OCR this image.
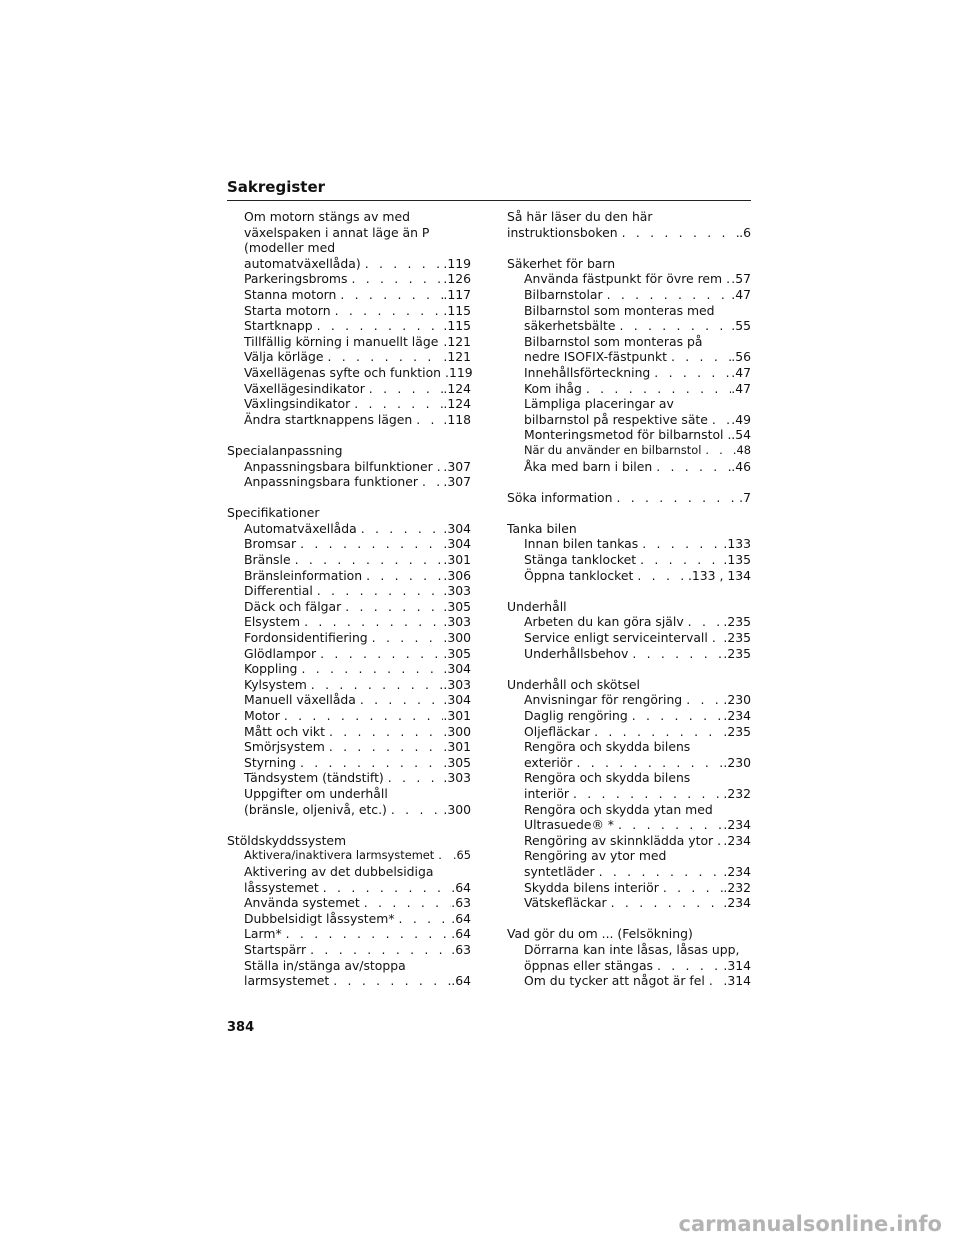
Sakregister
Om motorn stängs av med
växelspaken i annat läge än P
(modeller med
automatväxellåda) . . .	.119
Parkeringsbroms . . .	.126
Stanna motorn . . .	.117
Starta motorn . . .	.115
Startknapp . . .	.115
Tillfällig körning i manuellt läge . . . .121
Välja körläge . . .	.121
Växellägenas syfte och funktion . . . .119
Växellägesindikator . . .	.124
Växlingsindikator . . .	.124
Ändra startknappens lägen . . .	.118
Specialanpassning
Anpassningsbara bilfunktioner . . . .307
Anpassningsbara funktioner . . . .307
Specifikationer
Automatväxellåda . . .	.304
Bromsar . . .	.304
Bränsle . . .	.301
Bränsleinformation . . .	.306
Differential . . .	.303
Däck och fälgar . . .	.305
Elsystem . . .	.303
Fordonsidentifiering . . .	.300
Glödlampor . . .	.305
Koppling . . .	.304
Kylsystem . . .	.303
Manuell växellåda . . .	.304
Motor . . .	.301
Mått och vikt . . .	.300
Smörjsystem . . .	.301
Styrning . . .	.305
Tändsystem (tändstift) . . .	.303
Uppgifter om underhåll
(bränsle, oljenivå, etc.) . . .	.300
Stöldskyddssystem
Aktivera/inaktivera larmsystemet . . . .65
Aktivering av det dubbelsidiga
låssystemet . . .	.64
Använda systemet . . .	.63
Dubbelsidigt låssystem* . . .	.64
Larm* . . .	.64
Startspärr . . .	.63
Ställa in/stänga av/stoppa
larmsystemet . . .	.64
Så här läser du den här
instruktionsboken . . .	.6
Säkerhet för barn
Använda fästpunkt för övre rem . . . .57
Bilbarnstolar . . .	.47
Bilbarnstol som monteras med
säkerhetsbälte . . .	.55
Bilbarnstol som monteras på
nedre ISOFIX-fästpunkt . . .	.56
Innehållsförteckning . . .	.47
Kom ihåg . . .	.47
Lämpliga placeringar av
bilbarnstol på respektive säte . . . .49
Monteringsmetod för bilbarnstol . . . .54
När du använder en bilbarnstol . . .	.48
Åka med barn i bilen . . .	.46
Söka information . . .	.7
Tanka bilen
Innan bilen tankas . . .	.133
Stänga tanklocket . . .	.135
Öppna tanklocket . . .	.133 , 134
Underhåll
Arbeten du kan göra själv . . .	.235
Service enligt serviceintervall . . . .235
Underhållsbehov . . .	.235
Underhåll och skötsel
Anvisningar för rengöring . . .	.230
Daglig rengöring . . .	.234
Oljefläckar . . .	.235
Rengöra och skydda bilens
exteriör . . .	.230
Rengöra och skydda bilens
interiör . . .	.232
Rengöra och skydda ytan med
Ultrasuede® * . . .	.234
Rengöring av skinnklädda ytor . . . .234
Rengöring av ytor med
syntetläder . . .	.234
Skydda bilens interiör . . .	.232
Vätskefläckar . . .	.234
Vad gör du om ... (Felsökning)
Dörrarna kan inte låsas, låsas upp,
öppnas eller stängas . . .	.314
Om du tycker att något är fel . . . .314

384

carmanualsonline.info
